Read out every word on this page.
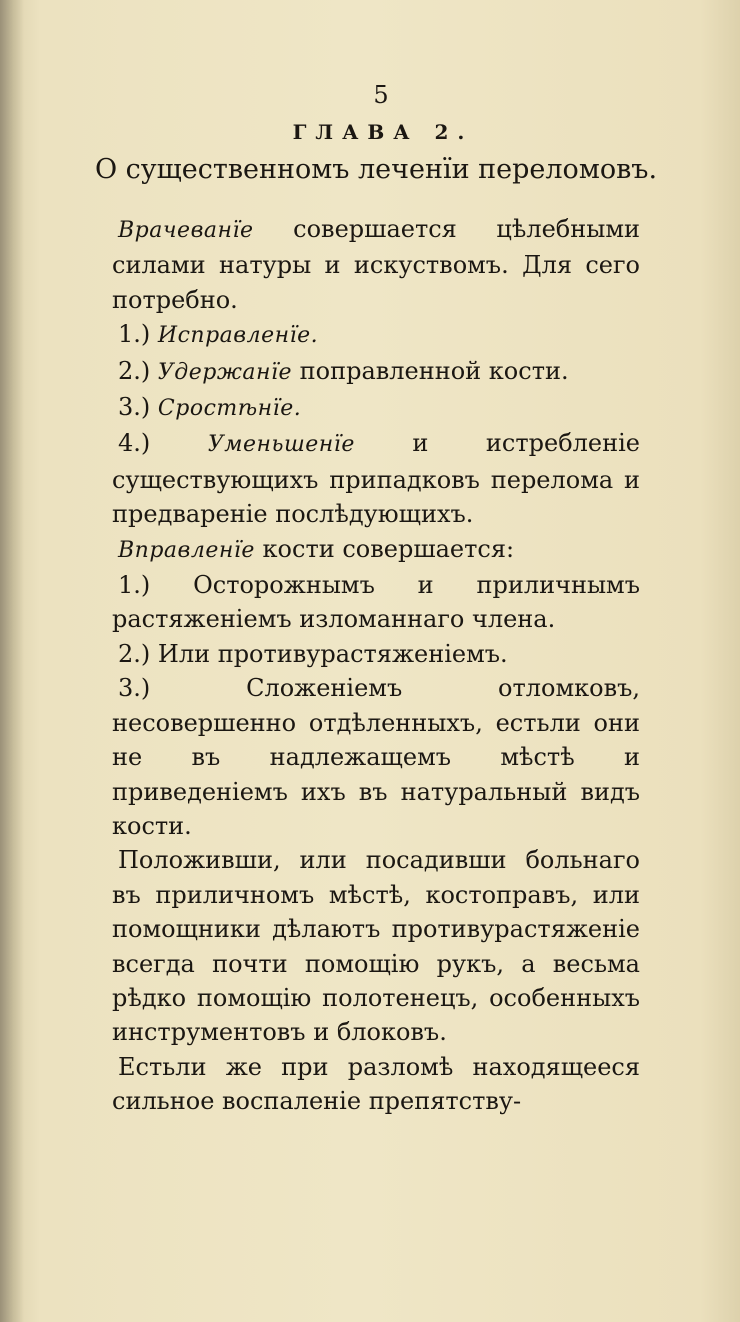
5
ГЛАВА 2.
О существенномъ леченїи переломовъ.

Врачеванїе совершается цѣлебными силами натуры и искуствомъ. Для сего потребно.

1.) Исправленїе.

2.) Удержанїе поправленной кости.

3.) Сростѣнїе.

4.)	Уменьшенїе и истребленіе существующихъ припадковъ перелома и предвареніе послѣдующихъ.

Вправленїе кости совершается:

1.) Осторожнымъ и приличнымъ растяженіемъ изломаннаго члена.

2.) Или противурастяженіемъ.

3.) Сложеніемъ отломковъ, несовершенно отдѣленныхъ, естьли они не въ надлежащемъ мѣстѣ и приведеніемъ ихъ въ натуральный видъ кости.

Положивши, или посадивши больнаго въ приличномъ мѣстѣ, костоправъ, или помощники дѣлаютъ противурастяженіе всегда почти помощію рукъ, а весьма рѣдко помощію полотенецъ, особенныхъ инструментовъ и блоковъ.

Естьли же при разломѣ находящееся сильное воспаленіе препятству-
